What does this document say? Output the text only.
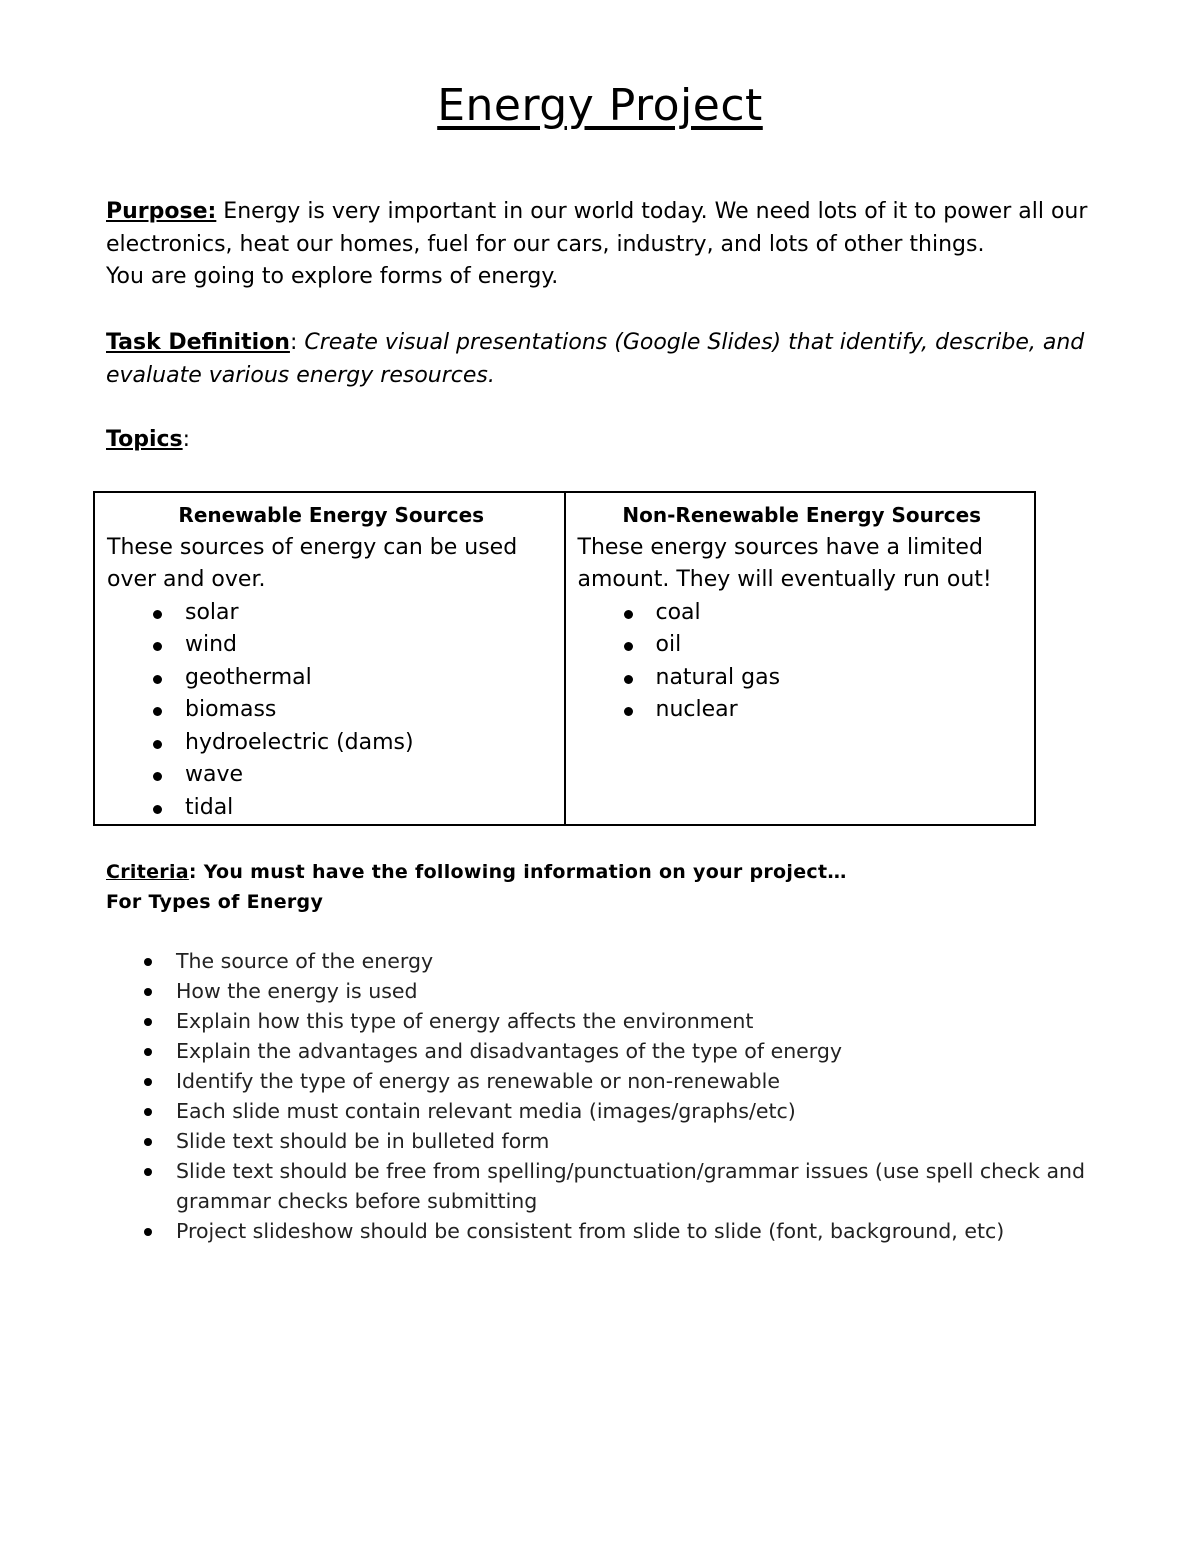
Energy Project
Purpose: Energy is very important in our world today. We need lots of it to power all our electronics, heat our homes, fuel for our cars, industry, and lots of other things.
You are going to explore forms of energy.
Task Definition: Create visual presentations (Google Slides) that identify, describe, and evaluate various energy resources.
Topics:
Renewable Energy Sources

These sources of energy can be used over and over.

solar
wind
geothermal
biomass
hydroelectric (dams)
wave
tidal

Non-Renewable Energy Sources

These energy sources have a limited amount. They will eventually run out!

coal
oil
natural gas
nuclear
Criteria: You must have the following information on your project…
For Types of Energy
The source of the energy
How the energy is used
Explain how this type of energy affects the environment
Explain the advantages and disadvantages of the type of energy
Identify the type of energy as renewable or non-renewable
Each slide must contain relevant media (images/graphs/etc)
Slide text should be in bulleted form
Slide text should be free from spelling/punctuation/grammar issues (use spell check and grammar checks before submitting
Project slideshow should be consistent from slide to slide (font, background, etc)
